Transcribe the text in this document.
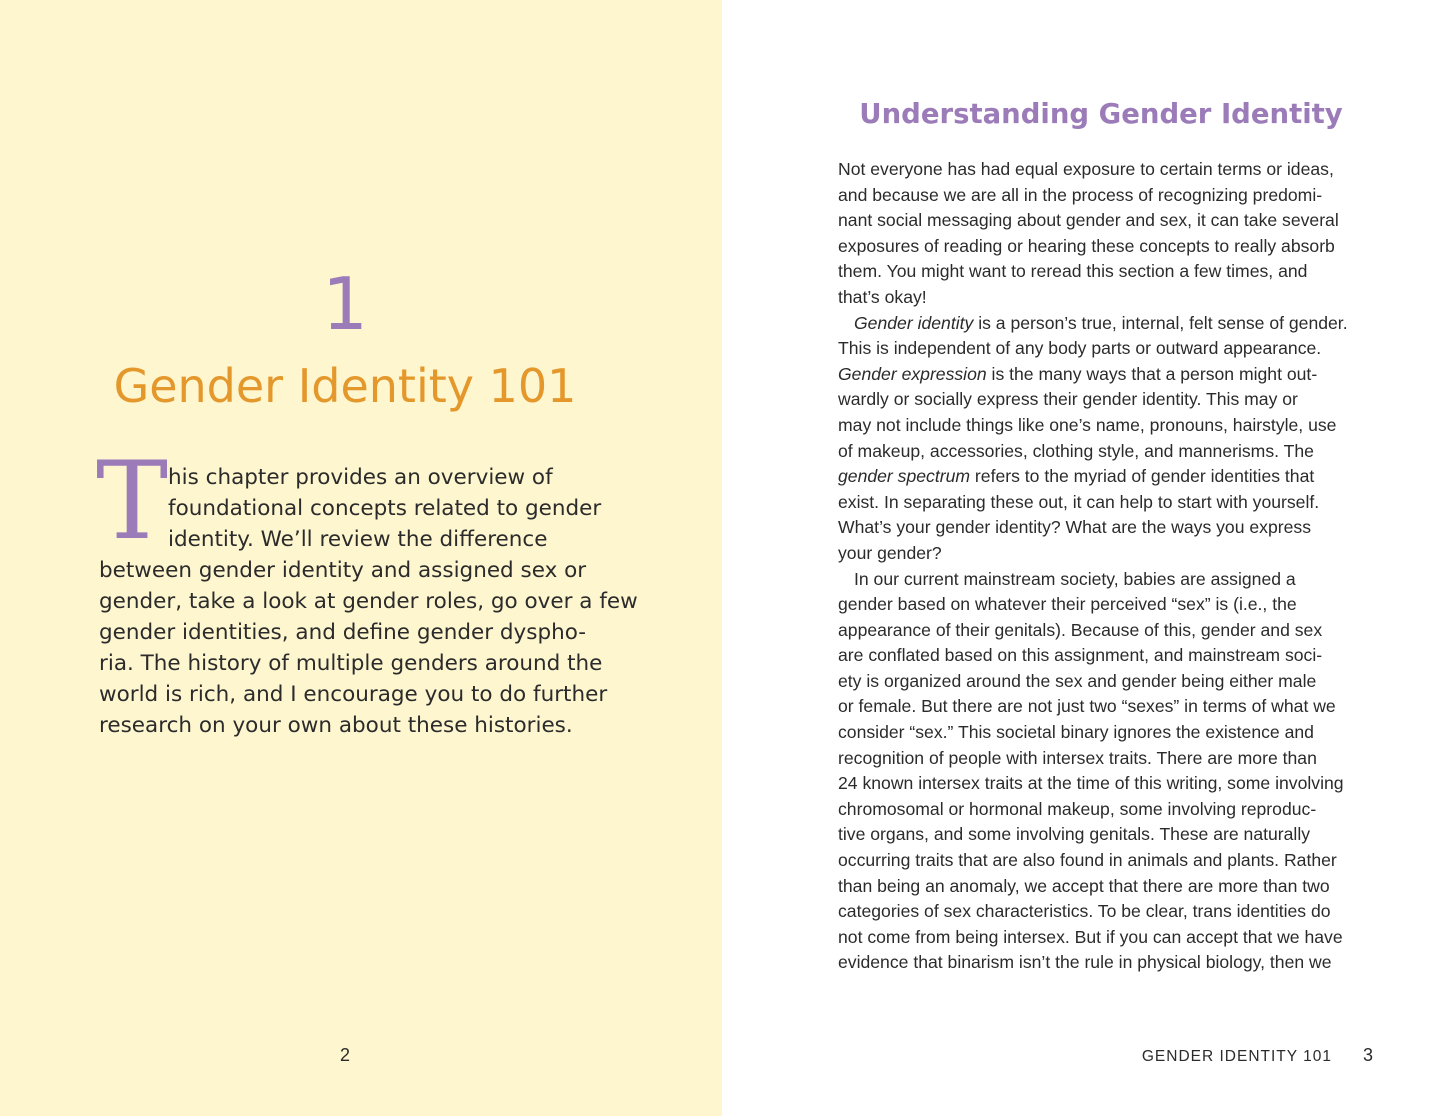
1
Gender Identity 101
T his chapter provides an overview of
foundational concepts related to gender
identity. We’ll review the difference
between gender identity and assigned sex or
gender, take a look at gender roles, go over a few
gender identities, and define gender dyspho-
ria. The history of multiple genders around the
world is rich, and I encourage you to do further
research on your own about these histories.

2
Understanding Gender Identity
Not everyone has had equal exposure to certain terms or ideas,
and because we are all in the process of recognizing predomi-
nant social messaging about gender and sex, it can take several
exposures of reading or hearing these concepts to really absorb
them. You might want to reread this section a few times, and
that’s okay!
Gender identity is a person’s true, internal, felt sense of gender.
This is independent of any body parts or outward appearance.
Gender expression is the many ways that a person might out-
wardly or socially express their gender identity. This may or
may not include things like one’s name, pronouns, hairstyle, use
of makeup, accessories, clothing style, and mannerisms. The
gender spectrum refers to the myriad of gender identities that
exist. In separating these out, it can help to start with yourself.
What’s your gender identity? What are the ways you express
your gender?
In our current mainstream society, babies are assigned a
gender based on whatever their perceived “sex” is (i.e., the
appearance of their genitals). Because of this, gender and sex
are conflated based on this assignment, and mainstream soci-
ety is organized around the sex and gender being either male
or female. But there are not just two “sexes” in terms of what we
consider “sex.” This societal binary ignores the existence and
recognition of people with intersex traits. There are more than
24 known intersex traits at the time of this writing, some involving
chromosomal or hormonal makeup, some involving reproduc-
tive organs, and some involving genitals. These are naturally
occurring traits that are also found in animals and plants. Rather
than being an anomaly, we accept that there are more than two
categories of sex characteristics. To be clear, trans identities do
not come from being intersex. But if you can accept that we have
evidence that binarism isn’t the rule in physical biology, then we
GENDER IDENTITY 101	3
